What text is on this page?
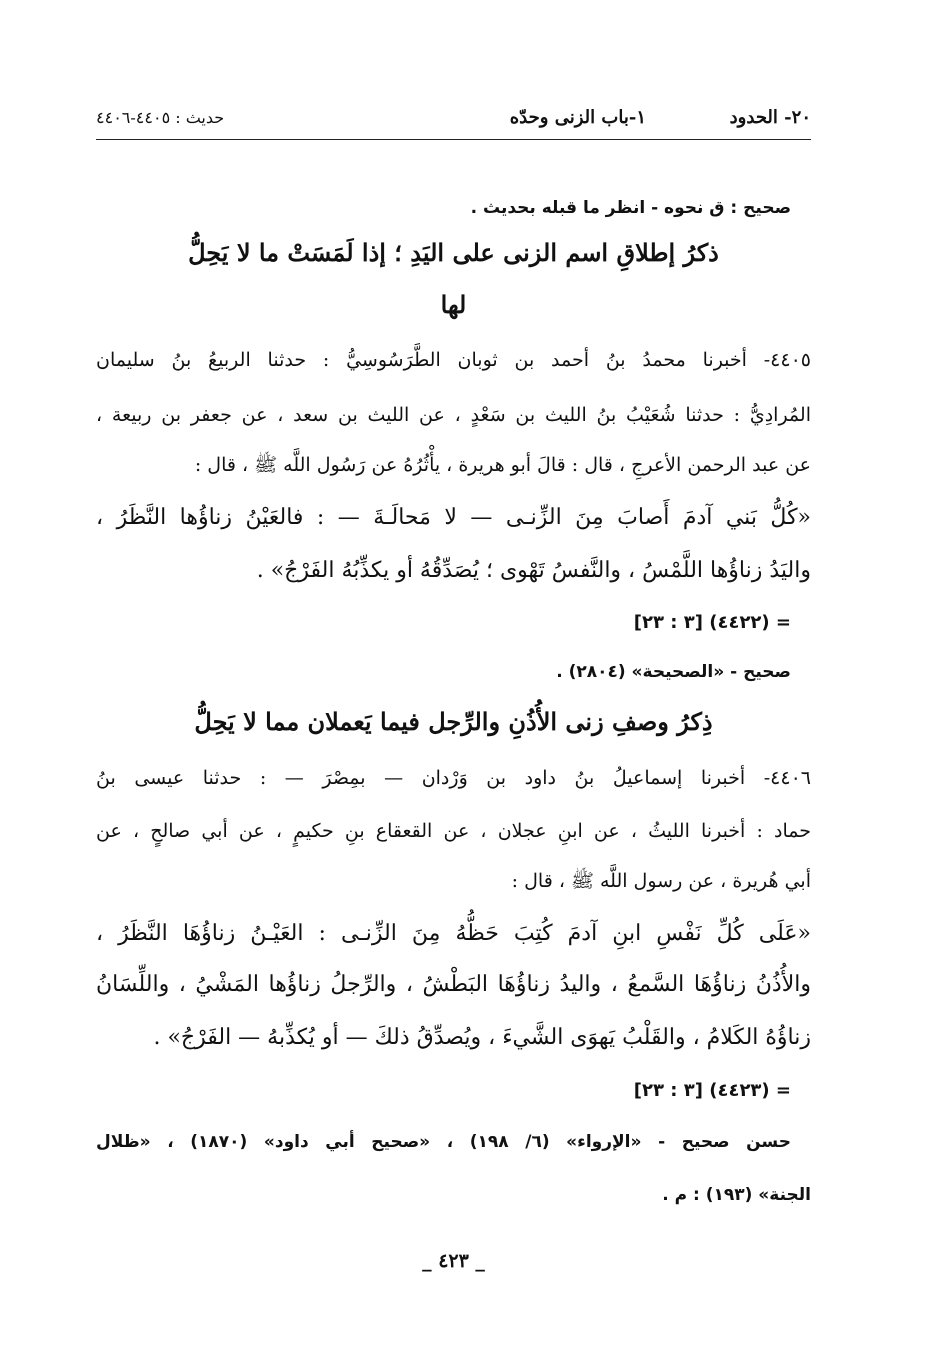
٢٠- الحدود
١-باب الزنى وحدّه
حديث : ٤٤٠٥-٤٤٠٦
صحيح : ق نحوه - انظر ما قبله بحديث .
ذكرُ إطلاقِ اسم الزنى على اليَدِ ؛ إذا لَمَسَتْ ما لا يَحِلُّ
لها
٤٤٠٥- أخبرنا محمدُ بنُ أحمد بن ثوبان الطَّرَسُوسِيُّ : حدثنا الربيعُ بنُ سليمان
المُرادِيُّ : حدثنا شُعَيْبُ بنُ الليث بن سَعْدٍ ، عن الليث بن سعد ، عن جعفر بن ربيعة ،
عن عبد الرحمن الأعرجِ ، قال : قالَ أبو هريرة ، يأْثُرُهُ عن رَسُول اللَّه ﷺ ، قال :
«كُلُّ بَني آدمَ أَصابَ مِنَ الزِّنـى — لا مَحالَـةَ — : فالعَيْنُ زناؤُها النَّظَرُ ،
واليَدُ زناؤُها اللَّمْسُ ، والنَّفسُ تَهْوى ؛ يُصَدِّقُهُ أو يكذِّبُهُ الفَرْجُ» .
= (٤٤٢٢) [٣ : ٢٣]
صحيح - «الصحيحة» (٢٨٠٤) .
ذِكرُ وصفِ زنى الأُذُنِ والرِّجل فيما يَعملان مما لا يَحِلُّ
٤٤٠٦- أخبرنا إسماعيلُ بنُ داود بن وَرْدان — بمِصْرَ — : حدثنا عيسى بنُ
حماد : أخبرنا الليثُ ، عن ابنِ عجلان ، عن القعقاع بنِ حكيمٍ ، عن أبي صالحٍ ، عن
أبي هُريرة ، عن رسول اللَّه ﷺ ، قال :
«عَلَى كُلِّ نَفْسِ ابنِ آدمَ كُتِبَ حَظُّهُ مِنَ الزِّنـى : العَيْـنُ زناؤُهَا النَّظَرُ ،
والأُذُنُ زناؤُهَا السَّمعُ ، واليدُ زناؤُهَا البَطْشُ ، والرِّجلُ زناؤُها المَشْيُ ، واللِّسَانُ
زناؤُهُ الكَلامُ ، والقَلْبُ يَهوَى الشَّيءَ ، ويُصدِّقُ ذلكَ — أو يُكذِّبهُ — الفَرْجُ» .
= (٤٤٢٣) [٣ : ٢٣]
حسن صحيح - «الإرواء» (٦/ ١٩٨) ، «صحيح أبي داود» (١٨٧٠) ، «ظلال
الجنة» (١٩٣) : م .
_ ٤٢٣ _
